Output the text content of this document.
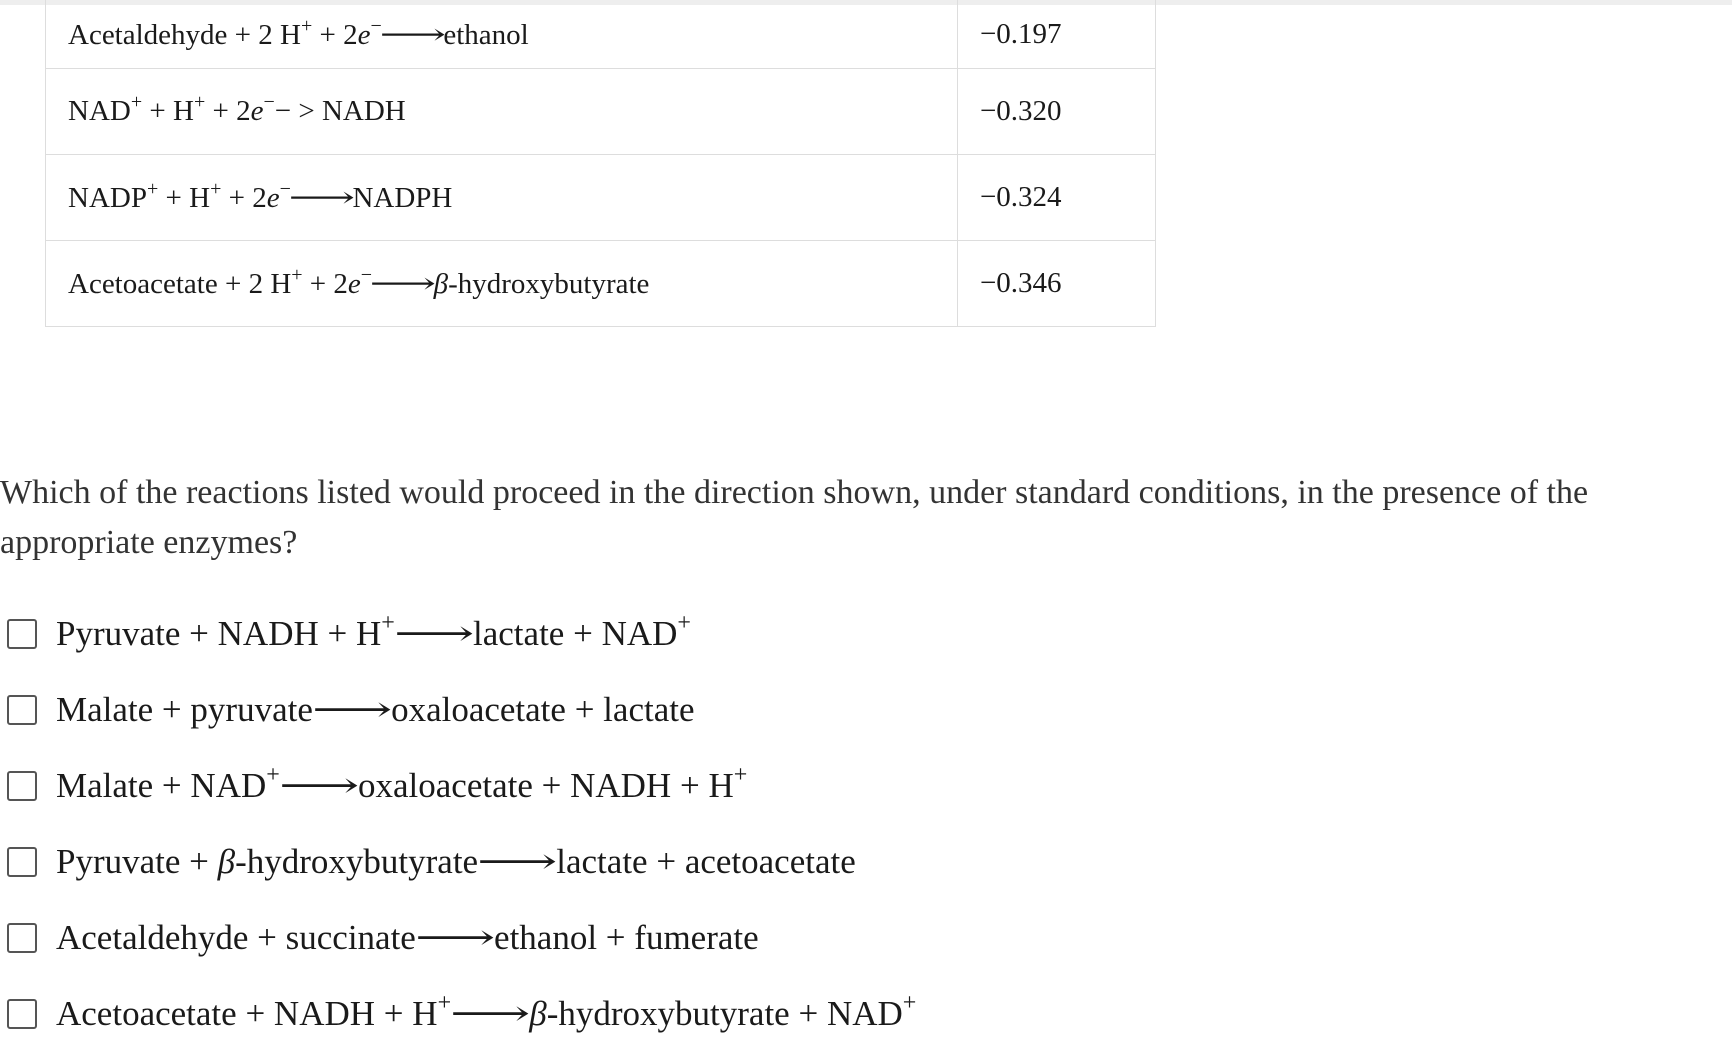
Acetaldehyde + 2 H+ + 2e−⟶ethanol	−0.197
NAD+ + H+ + 2e−− > NADH	−0.320
NADP+ + H+ + 2e−⟶NADPH	−0.324
Acetoacetate + 2 H+ + 2e−⟶β-hydroxybutyrate	−0.346
Which of the reactions listed would proceed in the direction shown, under standard conditions, in the presence of the appropriate enzymes?
Pyruvate + NADH + H+⟶lactate + NAD+
Malate + pyruvate⟶oxaloacetate + lactate
Malate + NAD+⟶oxaloacetate + NADH + H+
Pyruvate + β-hydroxybutyrate⟶lactate + acetoacetate
Acetaldehyde + succinate⟶ethanol + fumerate
Acetoacetate + NADH + H+⟶β-hydroxybutyrate + NAD+
